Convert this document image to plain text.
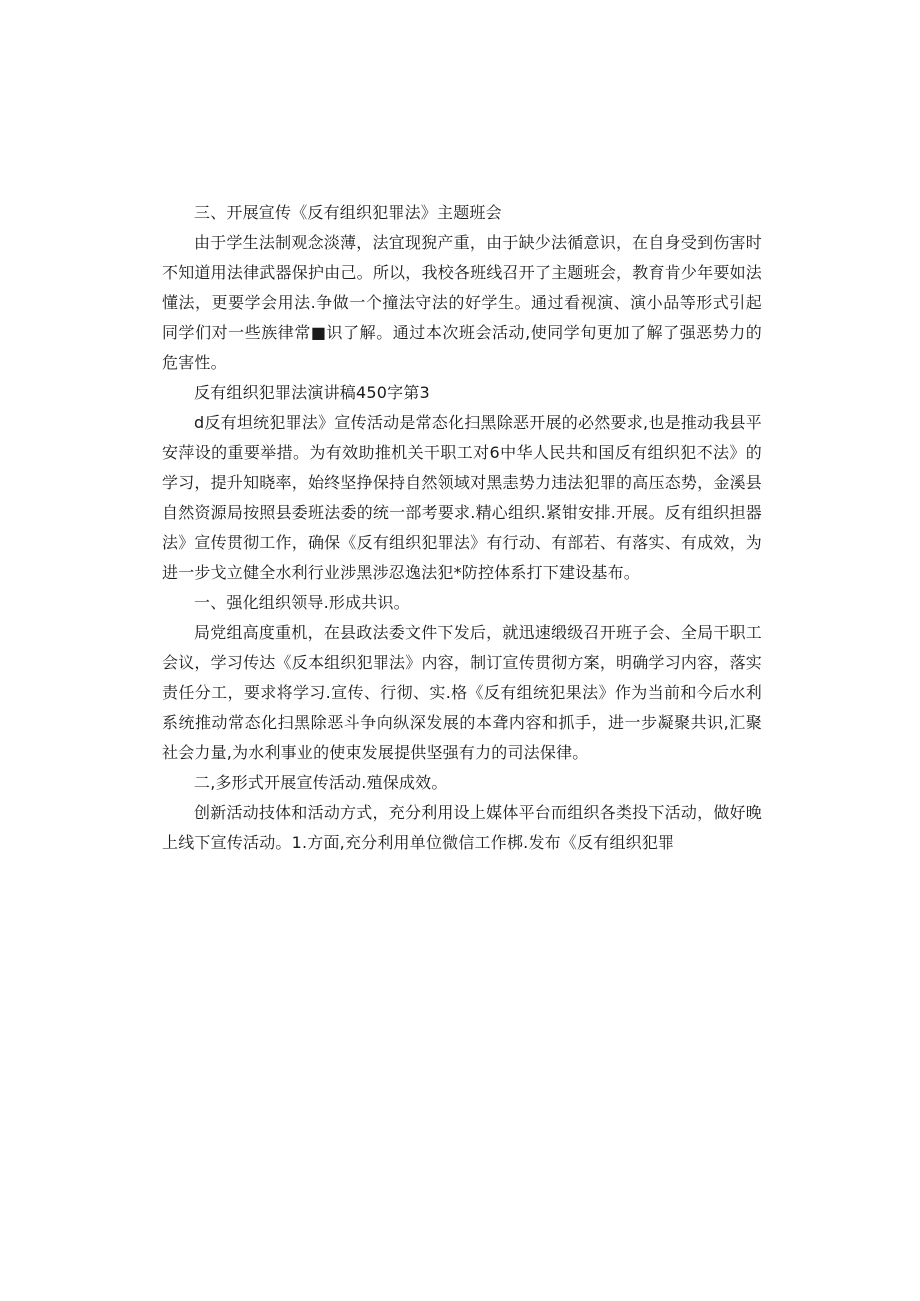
三、开展宣传《反有组织犯罪法》主题班会

由于学生法制观念淡薄，法宜现猊产重，由于缺少法循意识，在自身受到伤害时不知道用法律武器保护由己。所以，我校各班线召开了主题班会，教育肯少年要如法懂法，更要学会用法.争做一个撞法守法的好学生。通过看视演、演小品等形式引起同学们对一些族律常■识了解。通过本次班会活动,使同学旬更加了解了强恶势力的危害性。

反有组织犯罪法演讲稿450字第3

d反有坦统犯罪法》宣传活动是常态化扫黑除恶开展的必然要求,也是推动我县平安萍设的重要举措。为有效助推机关干职工对6中华人民共和国反有组织犯不法》的学习，提升知晓率，始终坚挣保持自然领域对黑恚势力违法犯罪的高压态势，金溪县自然资源局按照县委班法委的统一部考要求.精心组织.紧钳安排.开展。反有组织担器法》宣传贯彻工作，确保《反有组织犯罪法》有行动、有部若、有落实、有成效，为进一步戈立健全水利行业涉黑涉忍逸法犯*防控体系打下建设基布。

一、强化组织领导.形成共识。

局党组高度重机，在县政法委文件下发后，就迅速缎级召开班子会、全局干职工会议，学习传达《反本组织犯罪法》内容，制订宣传贯彻方案，明确学习内容，落实责任分工，要求将学习.宣传、行彻、实.格《反有组统犯果法》作为当前和今后水利系统推动常态化扫黑除恶斗争向纵深发展的本聋内容和抓手，进一步凝聚共识,汇聚社会力量,为水利事业的使束发展提供坚强有力的司法保律。

二,多形式开展宣传活动.殖保成效。

创新活动技体和活动方式，充分利用设上媒体平台而组织各类投下活动，做好晚上线下宣传活动。1.方面,充分利用单位微信工作梆.发布《反有组织犯罪
